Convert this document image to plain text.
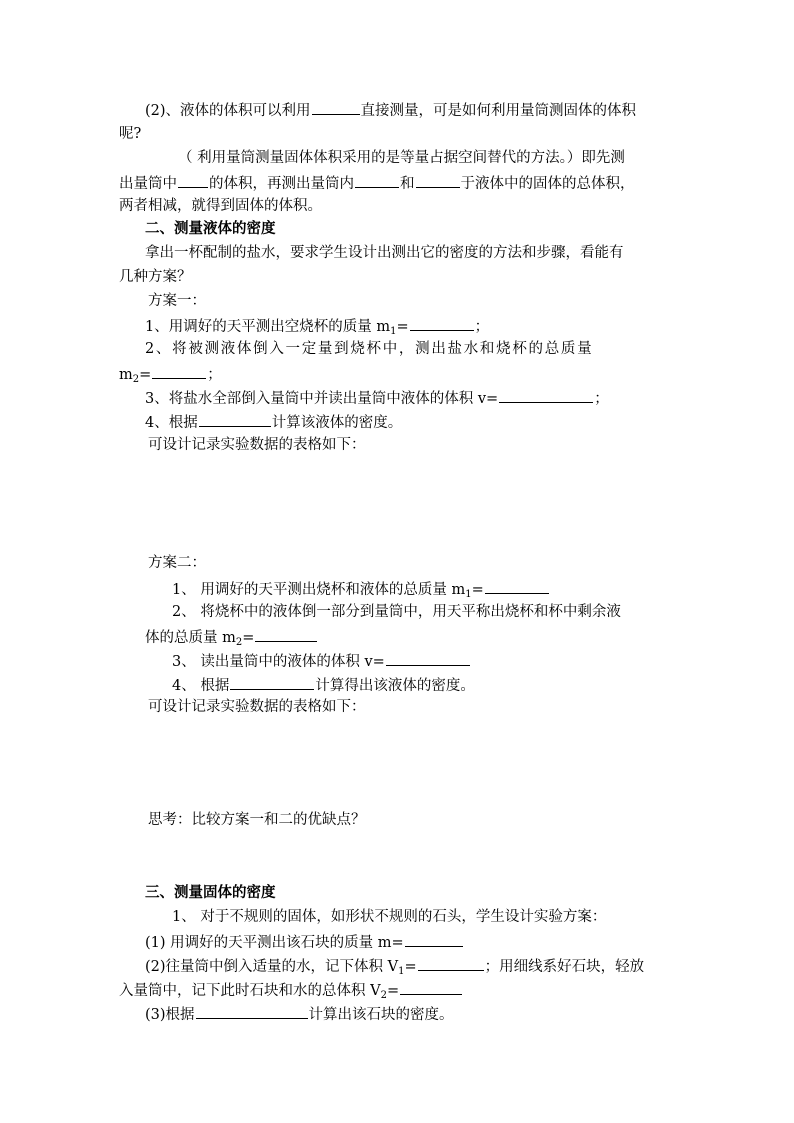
(2)、液体的体积可以利用	直接测量，可是如何利用量筒测固体的体积
呢?
（ 利用量筒测量固体体积采用的是等量占据空间替代的方法。）即先测
出量筒中 的体积，再测出量筒内	和	于液体中的固体的总体积，
两者相减，就得到固体的体积。
二、测量液体的密度
拿出一杯配制的盐水，要求学生设计出测出它的密度的方法和步骤，看能有
几种方案？
方案一：
1、用调好的天平测出空烧杯的质量 $m_1=$	；
2、将被测液体倒入一定量到烧杯中，测出盐水和烧杯的总质量
$m_2=$	；
3、将盐水全部倒入量筒中并读出量筒中液体的体积 v=	；
4、根据	计算该液体的密度。
可设计记录实验数据的表格如下：
方案二：
1、 用调好的天平测出烧杯和液体的总质量 $m_1=$
2、 将烧杯中的液体倒一部分到量筒中，用天平称出烧杯和杯中剩余液
体的总质量 $m_2=$
3、 读出量筒中的液体的体积 v=
4、 根据	计算得出该液体的密度。
可设计记录实验数据的表格如下：
思考：比较方案一和二的优缺点？
三、测量固体的密度
1、 对于不规则的固体，如形状不规则的石头，学生设计实验方案：
(1) 用调好的天平测出该石块的质量 m=
(2)往量筒中倒入适量的水，记下体积 $V_1=$	；用细线系好石块，轻放
入量筒中，记下此时石块和水的总体积 $V_2=$
(3)根据	计算出该石块的密度。
